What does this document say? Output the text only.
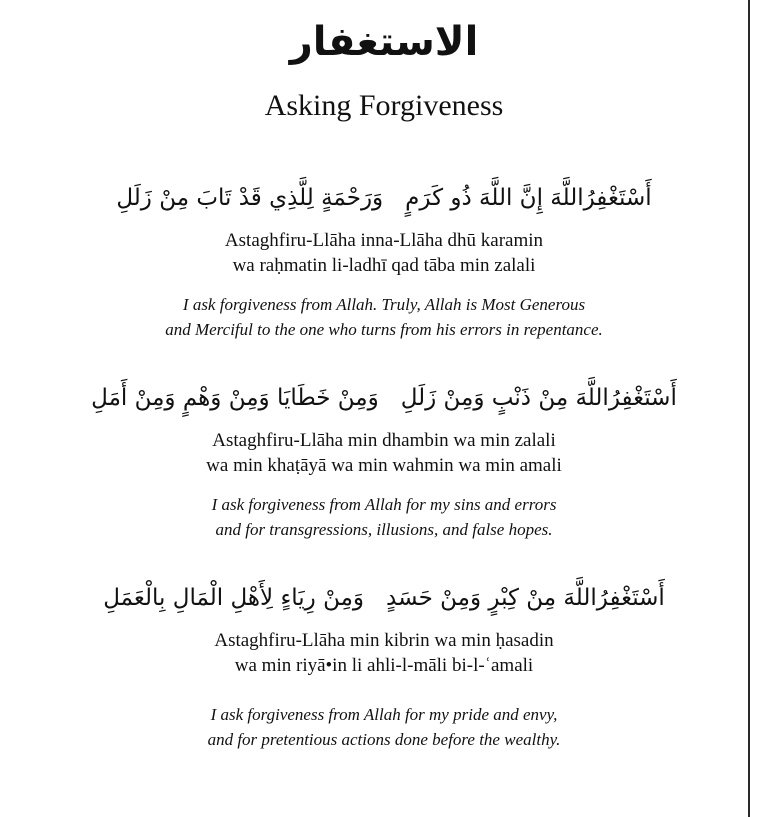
الاستغفار
Asking Forgiveness
أَسْتَغْفِرُاللَّهَ إِنَّ اللَّهَ ذُو كَرَمٍوَرَحْمَةٍ لِلَّذِي قَدْ تَابَ مِنْ زَلَلِ
Astaghfiru-Llāha inna-Llāha dhū karamin
wa raḥmatin li-ladhī qad tāba min zalali
I ask forgiveness from Allah. Truly, Allah is Most Generous
and Merciful to the one who turns from his errors in repentance.
أَسْتَغْفِرُاللَّهَ مِنْ ذَنْبٍ وَمِنْ زَلَلِوَمِنْ خَطَايَا وَمِنْ وَهْمٍ وَمِنْ أَمَلِ
Astaghfiru-Llāha min dhambin wa min zalali
wa min khaṭāyā wa min wahmin wa min amali
I ask forgiveness from Allah for my sins and errors
and for transgressions, illusions, and false hopes.
أَسْتَغْفِرُاللَّهَ مِنْ كِبْرٍ وَمِنْ حَسَدٍوَمِنْ رِيَاءٍ لِأَهْلِ الْمَالِ بِالْعَمَلِ
Astaghfiru-Llāha min kibrin wa min ḥasadin
wa min riyā•in li ahli-l-māli bi-l-ʿamali
I ask forgiveness from Allah for my pride and envy,
and for pretentious actions done before the wealthy.
